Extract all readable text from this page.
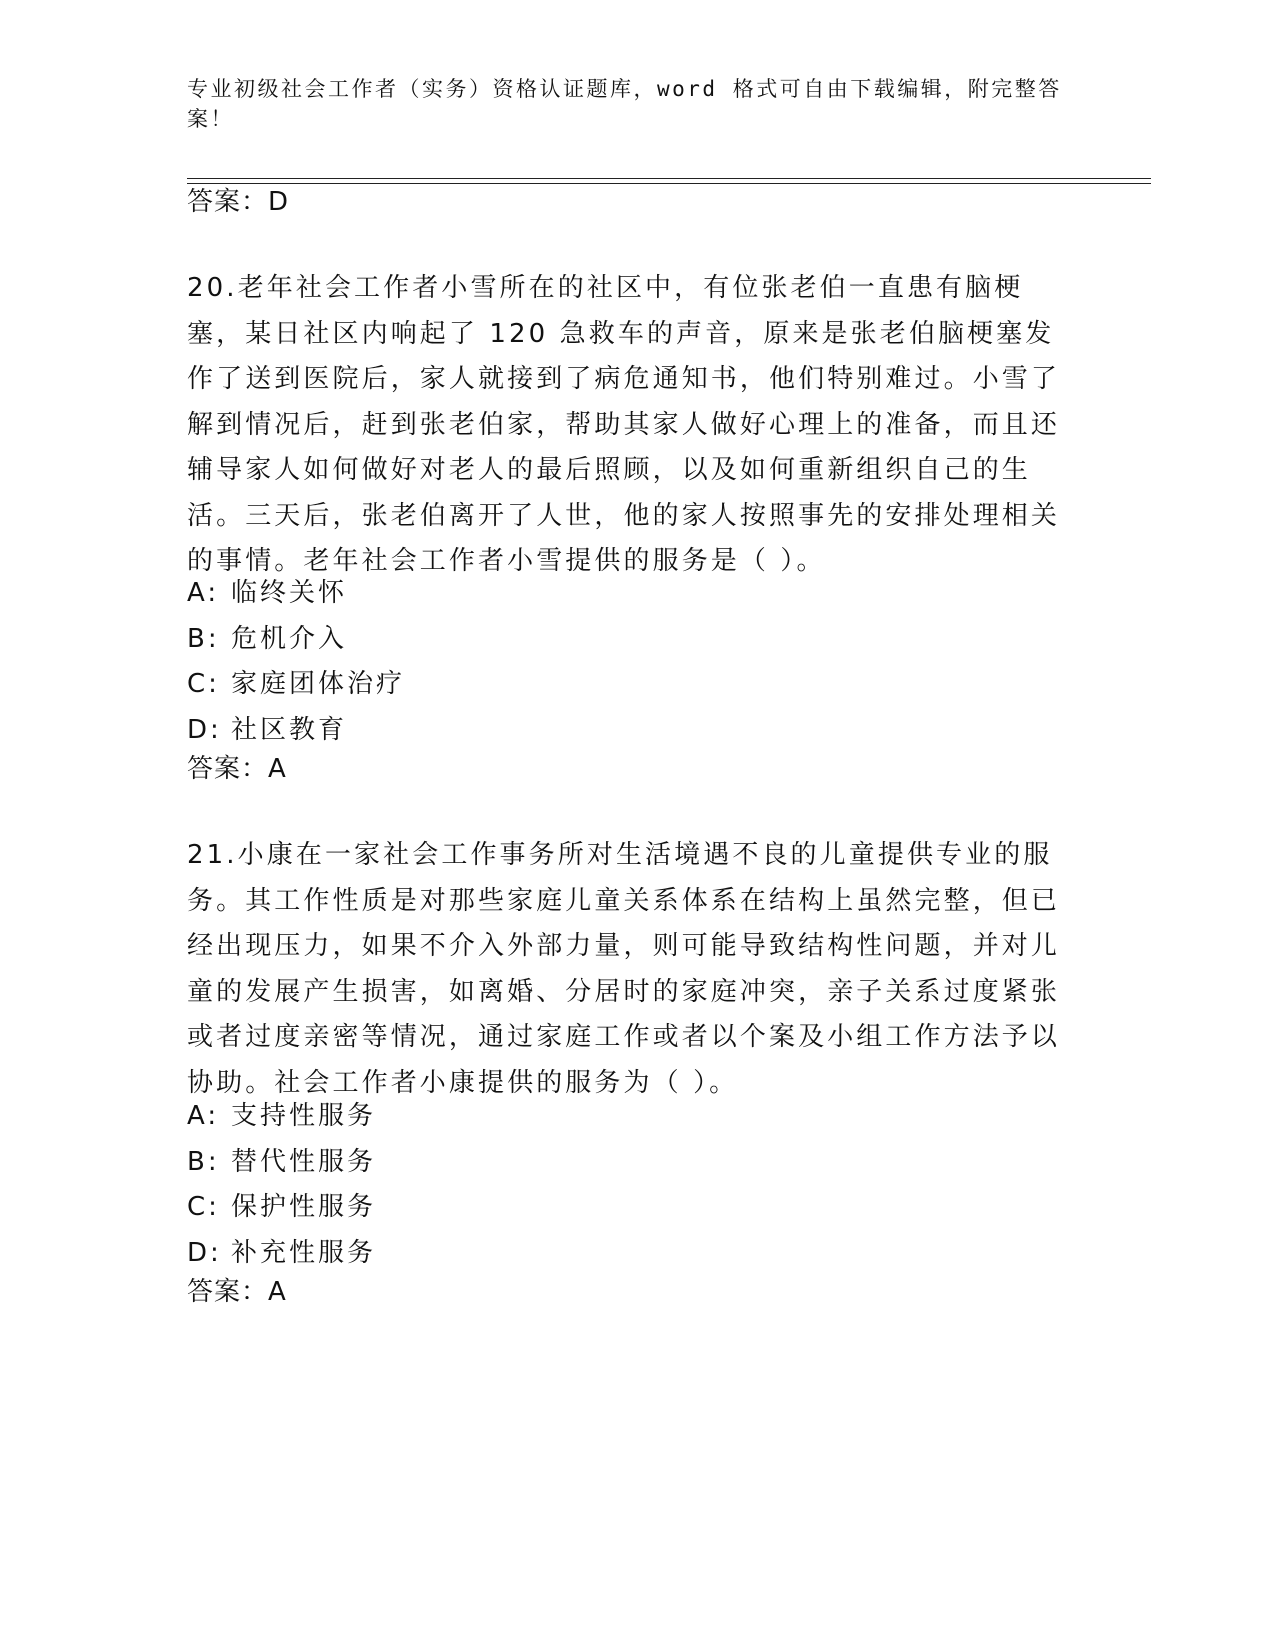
专业初级社会工作者（实务）资格认证题库，word 格式可自由下载编辑，附完整答案！
答案：D
20.老年社会工作者小雪所在的社区中，有位张老伯一直患有脑梗塞，某日社区内响起了 120 急救车的声音，原来是张老伯脑梗塞发作了送到医院后，家人就接到了病危通知书，他们特别难过。小雪了解到情况后，赶到张老伯家，帮助其家人做好心理上的准备，而且还辅导家人如何做好对老人的最后照顾，以及如何重新组织自己的生活。三天后，张老伯离开了人世，他的家人按照事先的安排处理相关的事情。老年社会工作者小雪提供的服务是（ ）。
A: 临终关怀
B: 危机介入
C: 家庭团体治疗
D: 社区教育
答案：A
21.小康在一家社会工作事务所对生活境遇不良的儿童提供专业的服务。其工作性质是对那些家庭儿童关系体系在结构上虽然完整，但已经出现压力，如果不介入外部力量，则可能导致结构性问题，并对儿童的发展产生损害，如离婚、分居时的家庭冲突，亲子关系过度紧张或者过度亲密等情况，通过家庭工作或者以个案及小组工作方法予以协助。社会工作者小康提供的服务为（ ）。
A: 支持性服务
B: 替代性服务
C: 保护性服务
D: 补充性服务
答案：A
